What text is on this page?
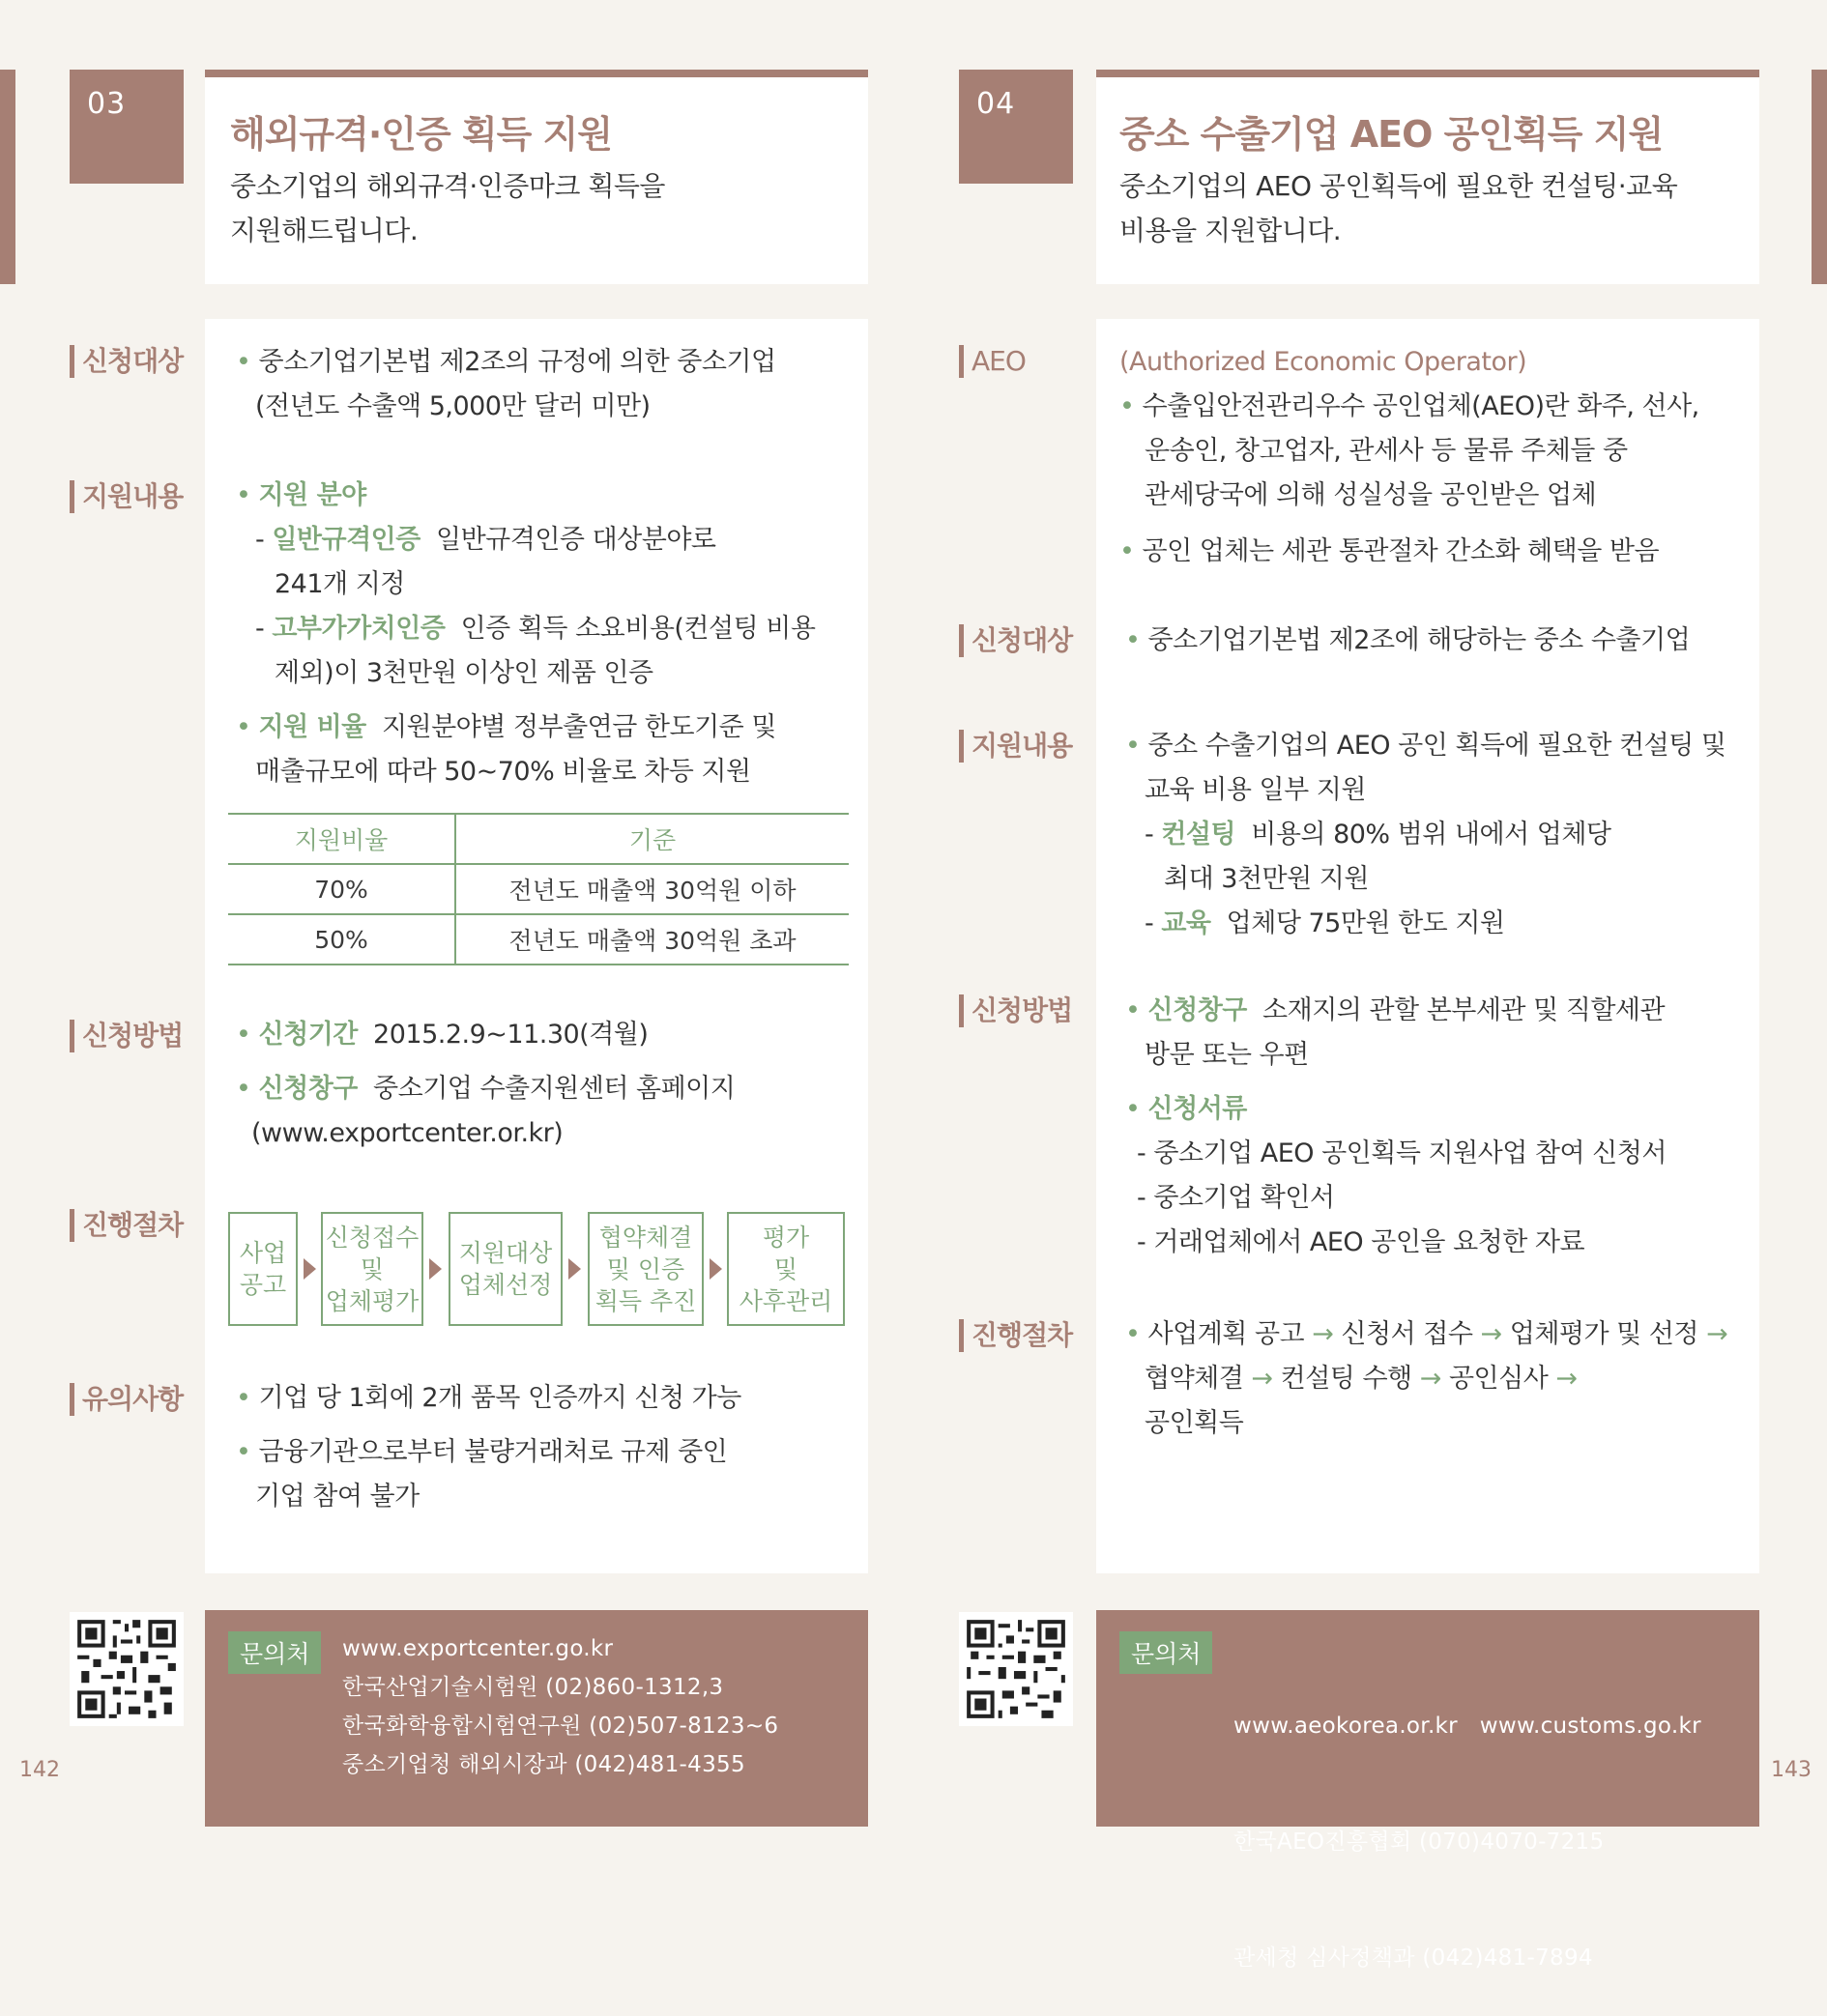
03
해외규격·인증 획득 지원
중소기업의 해외규격·인증마크 획득을
지원해드립니다.
신청대상
지원내용
신청방법
진행절차
유의사항
• 중소기업기본법 제2조의 규정에 의한 중소기업
(전년도 수출액 5,000만 달러 미만)
• 지원 분야
- 일반규격인증 일반규격인증 대상분야로
241개 지정
- 고부가가치인증 인증 획득 소요비용(컨설팅 비용
제외)이 3천만원 이상인 제품 인증
• 지원 비율 지원분야별 정부출연금 한도기준 및
매출규모에 따라 50~70% 비율로 차등 지원
지원비율	기준
70%	전년도 매출액 30억원 이하
50%	전년도 매출액 30억원 초과
• 신청기간 2015.2.9~11.30(격월)
• 신청창구 중소기업 수출지원센터 홈페이지
(www.exportcenter.or.kr)
사업
공고
신청접수
및
업체평가
지원대상
업체선정
협약체결
및 인증
획득 추진
평가
및
사후관리
• 기업 당 1회에 2개 품목 인증까지 신청 가능
• 금융기관으로부터 불량거래처로 규제 중인
기업 참여 불가
문의처	www.exportcenter.go.kr
한국산업기술시험원 (02)860-1312,3
한국화학융합시험연구원 (02)507-8123~6
중소기업청 해외시장과 (042)481-4355
142
04
중소 수출기업 AEO 공인획득 지원
중소기업의 AEO 공인획득에 필요한 컨설팅·교육
비용을 지원합니다.
AEO
신청대상
지원내용
신청방법
진행절차
(Authorized Economic Operator)
• 수출입안전관리우수 공인업체(AEO)란 화주, 선사,
운송인, 창고업자, 관세사 등 물류 주체들 중
관세당국에 의해 성실성을 공인받은 업체
• 공인 업체는 세관 통관절차 간소화 혜택을 받음
• 중소기업기본법 제2조에 해당하는 중소 수출기업
• 중소 수출기업의 AEO 공인 획득에 필요한 컨설팅 및
교육 비용 일부 지원
- 컨설팅 비용의 80% 범위 내에서 업체당
최대 3천만원 지원
- 교육 업체당 75만원 한도 지원
• 신청창구 소재지의 관할 본부세관 및 직할세관
방문 또는 우편
• 신청서류
- 중소기업 AEO 공인획득 지원사업 참여 신청서
- 중소기업 확인서
- 거래업체에서 AEO 공인을 요청한 자료
• 사업계획 공고 → 신청서 접수 → 업체평가 및 선정 →
협약체결 → 컨설팅 수행 → 공인심사 →
공인획득
문의처

www.aeokorea.or.kr   www.customs.go.kr

한국AEO진흥협회 (070)4070-7215

관세청 심사정책과 (042)481-7894

143
